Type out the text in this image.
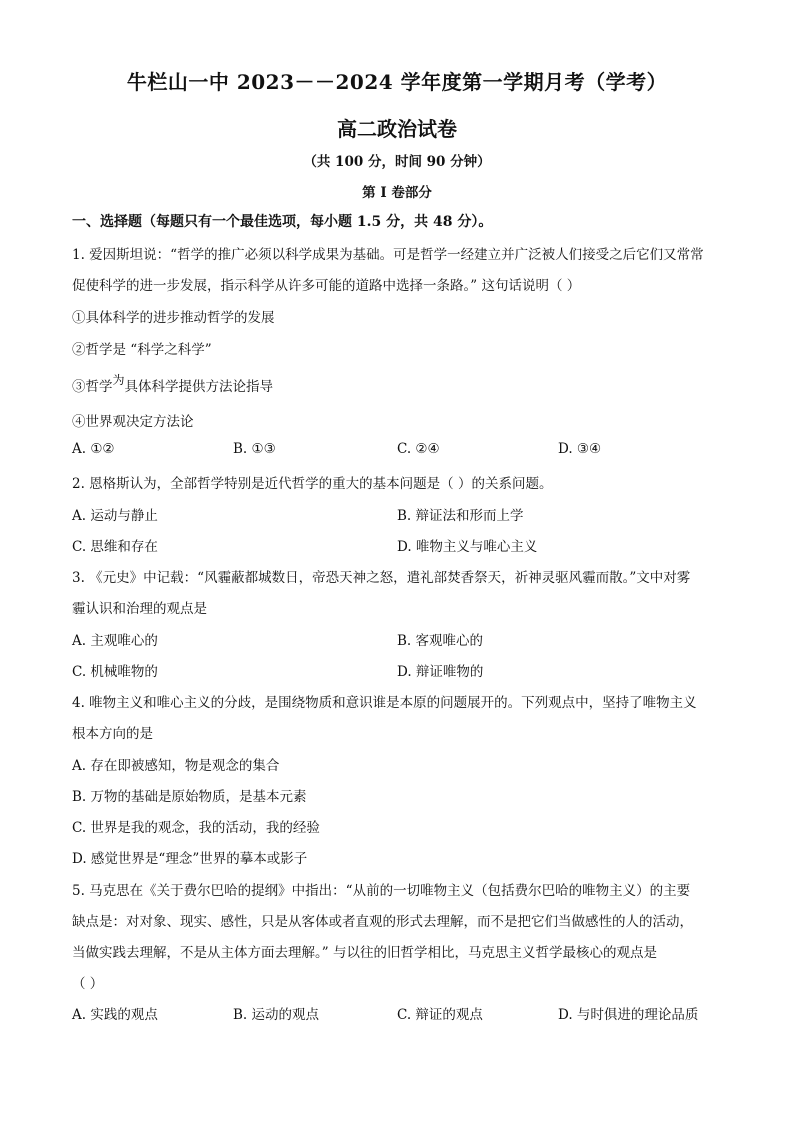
牛栏山一中 2023－－2024 学年度第一学期月考（学考）
高二政治试卷
（共 100 分，时间 90 分钟）
第 I 卷部分
一、选择题（每题只有一个最佳选项，每小题 1.5 分，共 48 分）。
1. 爱因斯坦说：“哲学的推广必须以科学成果为基础。可是哲学一经建立并广泛被人们接受之后它们又常常
促使科学的进一步发展，指示科学从许多可能的道路中选择一条路。” 这句话说明（ ）
①具体科学的进步推动哲学的发展
②哲学是 “科学之科学”
③哲学为具体科学提供方法论指导
④世界观决定方法论
A. ①②	B. ①③	C. ②④	D. ③④
2. 恩格斯认为，全部哲学特别是近代哲学的重大的基本问题是（ ）的关系问题。
A. 运动与静止	B. 辩证法和形而上学
C. 思维和存在	D. 唯物主义与唯心主义
3. 《元史》中记载：“风霾蔽都城数日，帝恐天神之怒，遣礼部焚香祭天，祈神灵驱风霾而散。”文中对雾
霾认识和治理的观点是
A. 主观唯心的	B. 客观唯心的
C. 机械唯物的	D. 辩证唯物的
4. 唯物主义和唯心主义的分歧，是围绕物质和意识谁是本原的问题展开的。下列观点中，坚持了唯物主义
根本方向的是
A. 存在即被感知，物是观念的集合
B. 万物的基础是原始物质，是基本元素
C. 世界是我的观念，我的活动，我的经验
D. 感觉世界是“理念”世界的摹本或影子
5. 马克思在《关于费尔巴哈的提纲》中指出：“从前的一切唯物主义（包括费尔巴哈的唯物主义）的主要
缺点是：对对象、现实、感性，只是从客体或者直观的形式去理解，而不是把它们当做感性的人的活动，
当做实践去理解，不是从主体方面去理解。” 与以往的旧哲学相比，马克思主义哲学最核心的观点是
（ ）
A. 实践的观点	B. 运动的观点	C. 辩证的观点	D. 与时俱进的理论品质
